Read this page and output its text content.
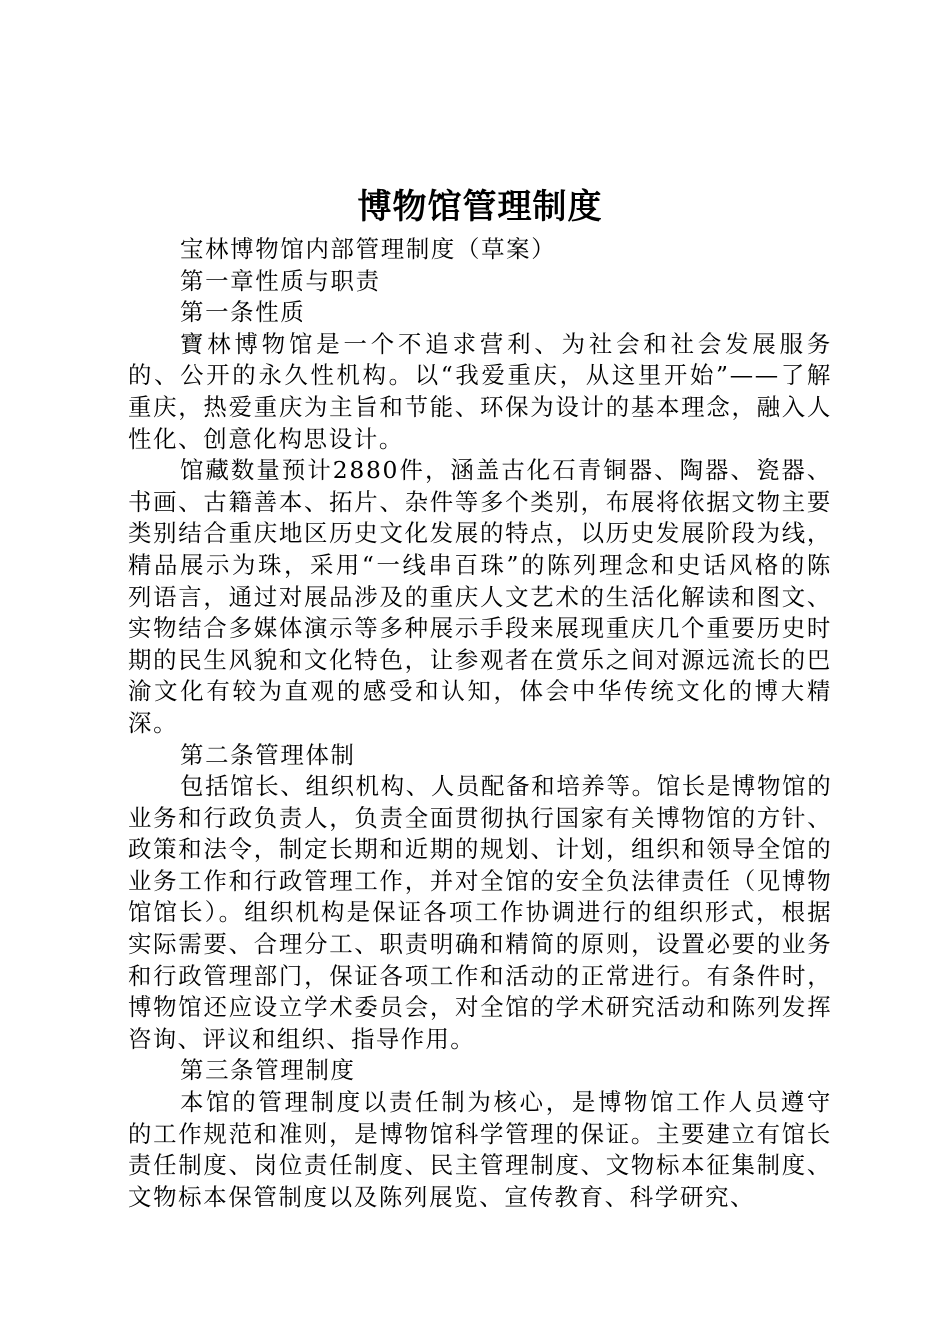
博物馆管理制度

宝林博物馆内部管理制度（草案）

第一章性质与职责

第一条性质

寶林博物馆是一个不追求营利、为社会和社会发展服务的、公开的永久性机构。以“我爱重庆，从这里开始”——了解重庆，热爱重庆为主旨和节能、环保为设计的基本理念，融入人性化、创意化构思设计。

馆藏数量预计2880件，涵盖古化石青铜器、陶器、瓷器、书画、古籍善本、拓片、杂件等多个类别，布展将依据文物主要类别结合重庆地区历史文化发展的特点，以历史发展阶段为线，精品展示为珠，采用“一线串百珠”的陈列理念和史话风格的陈列语言，通过对展品涉及的重庆人文艺术的生活化解读和图文、实物结合多媒体演示等多种展示手段来展现重庆几个重要历史时期的民生风貌和文化特色，让参观者在赏乐之间对源远流长的巴渝文化有较为直观的感受和认知，体会中华传统文化的博大精深。

第二条管理体制

包括馆长、组织机构、人员配备和培养等。馆长是博物馆的业务和行政负责人，负责全面贯彻执行国家有关博物馆的方针、政策和法令，制定长期和近期的规划、计划，组织和领导全馆的业务工作和行政管理工作，并对全馆的安全负法律责任（见博物馆馆长）。组织机构是保证各项工作协调进行的组织形式，根据实际需要、合理分工、职责明确和精简的原则，设置必要的业务和行政管理部门，保证各项工作和活动的正常进行。有条件时，博物馆还应设立学术委员会，对全馆的学术研究活动和陈列发挥咨询、评议和组织、指导作用。

第三条管理制度

本馆的管理制度以责任制为核心，是博物馆工作人员遵守的工作规范和准则，是博物馆科学管理的保证。主要建立有馆长责任制度、岗位责任制度、民主管理制度、文物标本征集制度、文物标本保管制度以及陈列展览、宣传教育、科学研究、
